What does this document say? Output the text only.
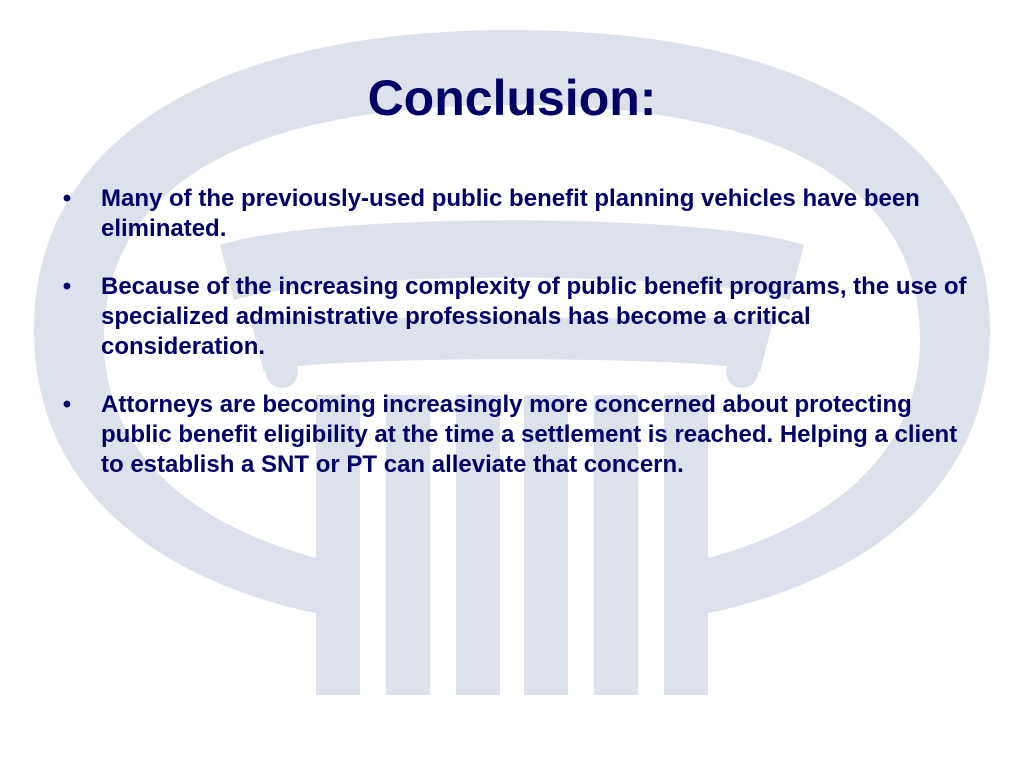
Conclusion:
• Many of the previously-used public benefit planning vehicles have been eliminated.
• Because of the increasing complexity of public benefit programs, the use of specialized administrative professionals has become a critical consideration.
• Attorneys are becoming increasingly more concerned about protecting public benefit eligibility at the time a settlement is reached. Helping a client to establish a SNT or PT can alleviate that concern.
